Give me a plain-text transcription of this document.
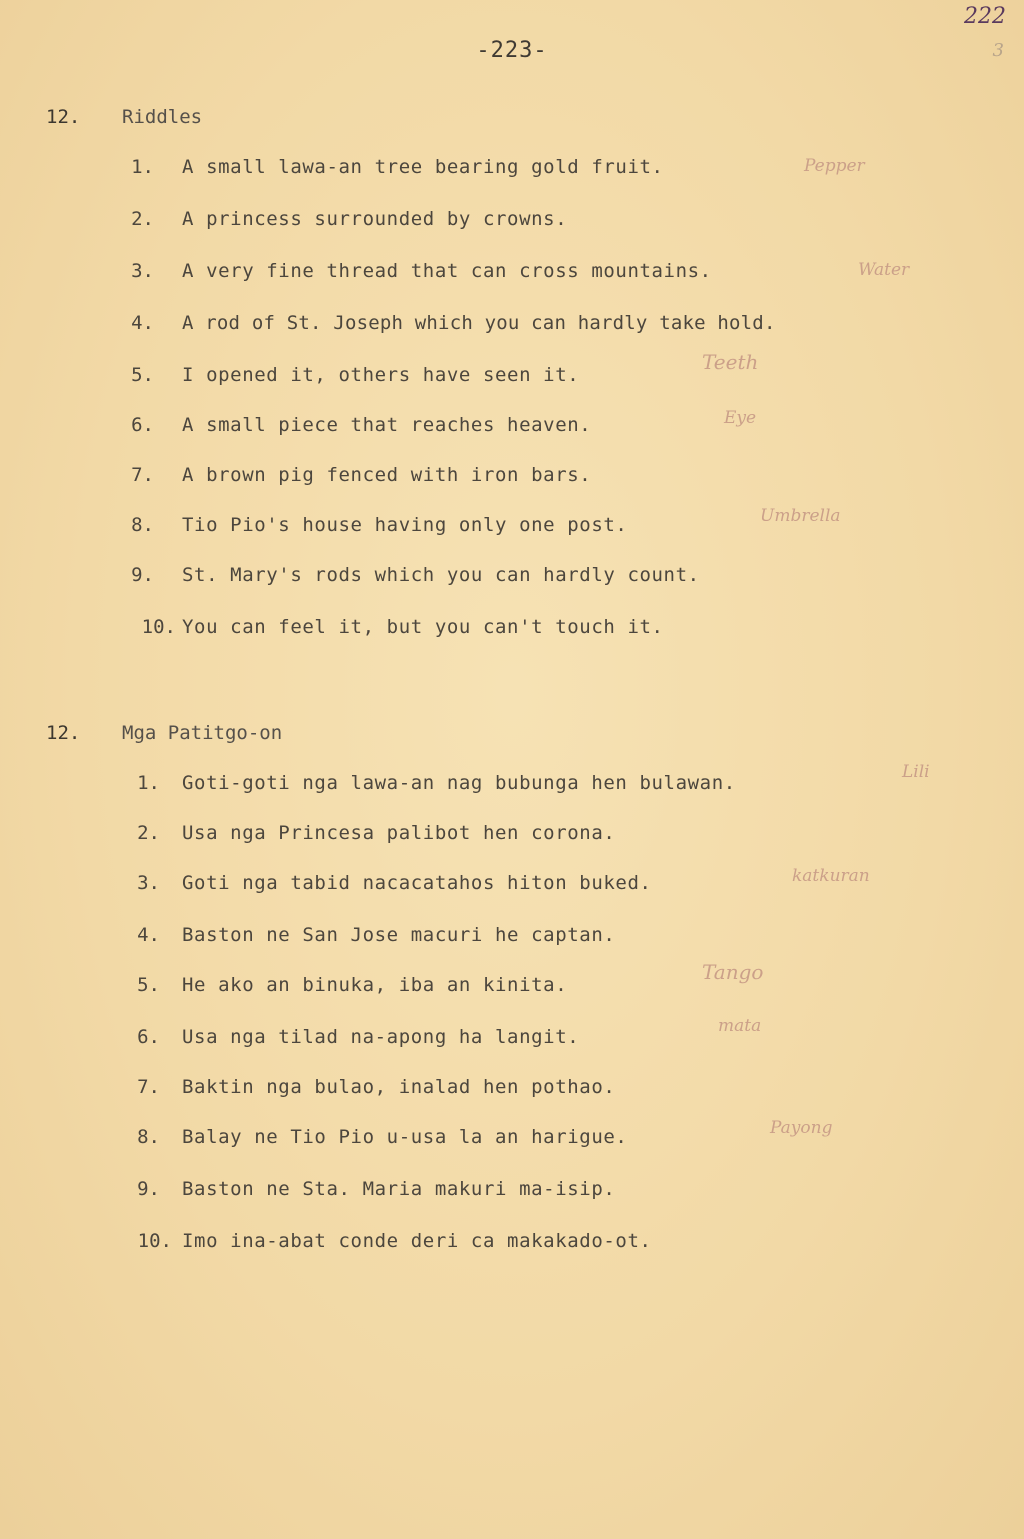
-223-
222
3
12. Riddles
1. A small lawa-an tree bearing gold fruit.	Pepper
2. A princess surrounded by crowns.
3. A very fine thread that can cross mountains.	Water
4. A rod of St. Joseph which you can hardly take hold.
5. I opened it, others have seen it.
Teeth
6. A small piece that reaches heaven.	Eye
7. A brown pig fenced with iron bars.
8. Tio Pio's house having only one post.	Umbrella
9. St. Mary's rods which you can hardly count.
10. You can feel it, but you can't touch it.
12. Mga Patitgo-on
1. Goti-goti nga lawa-an nag bubunga hen bulawan.	Lili
2. Usa nga Princesa palibot hen corona.
3. Goti nga tabid nacacatahos hiton buked.	katkuran
4. Baston ne San Jose macuri he captan.
5. He ako an binuka, iba an kinita.
Tango
6. Usa nga tilad na-apong ha langit.	mata
7. Baktin nga bulao, inalad hen pothao.
8. Balay ne Tio Pio u-usa la an harigue.	Payong
9. Baston ne Sta. Maria makuri ma-isip.
10. Imo ina-abat conde deri ca makakado-ot.
